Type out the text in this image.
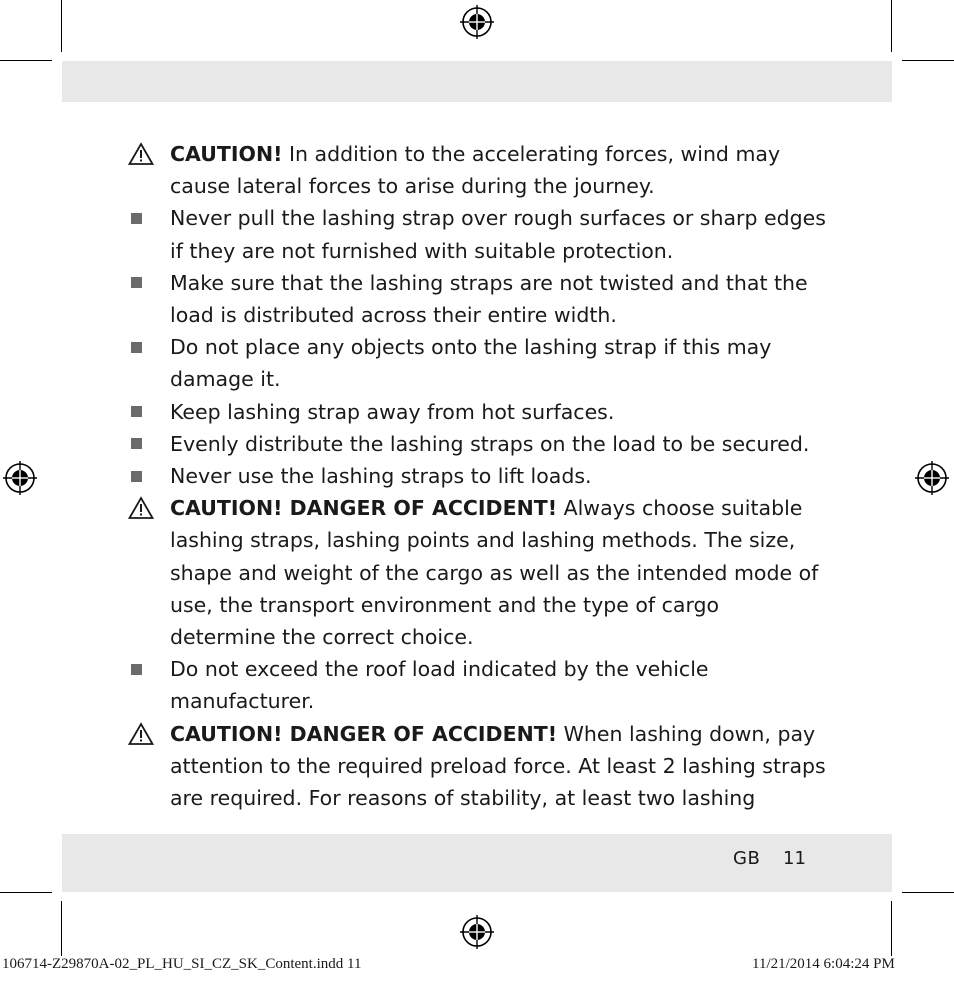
CAUTION! In addition to the accelerating forces, wind may cause lateral forces to arise during the journey.
Never pull the lashing strap over rough surfaces or sharp edges if they are not furnished with suitable protection.
Make sure that the lashing straps are not twisted and that the load is distributed across their entire width.
Do not place any objects onto the lashing strap if this may damage it.
Keep lashing strap away from hot surfaces.
Evenly distribute the lashing straps on the load to be secured.
Never use the lashing straps to lift loads.
CAUTION! DANGER OF ACCIDENT! Always choose suitable lashing straps, lashing points and lashing methods. The size, shape and weight of the cargo as well as the intended mode of use, the transport environment and the type of cargo determine the correct choice.
Do not exceed the roof load indicated by the vehicle manufacturer.
CAUTION! DANGER OF ACCIDENT! When lashing down, pay attention to the required preload force. At least 2 lashing straps are required. For reasons of stability, at least two lashing
GB 11
106714-Z29870A-02_PL_HU_SI_CZ_SK_Content.indd 11	11/21/2014 6:04:24 PM
